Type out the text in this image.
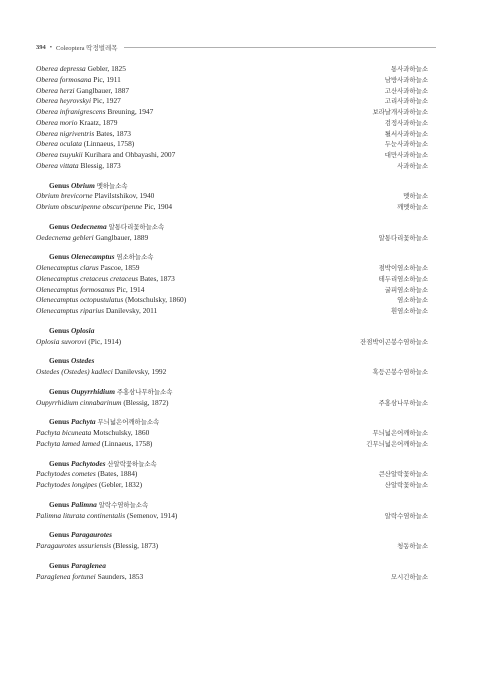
394 • Coleoptera 딱정벌레목
Oberea depressa Gebler, 1825	통사과하늘소
Oberea formosana Pic, 1911	남방사과하늘소
Oberea herzi Ganglbauer, 1887	고산사과하늘소
Oberea heyrovskyi Pic, 1927	고리사과하늘소
Oberea infranigrescens Breuning, 1947	보라날개사과하늘소
Oberea morio Kraatz, 1879	검정사과하늘소
Oberea nigriventris Bates, 1873	될서사과하늘소
Oberea oculata (Linnaeus, 1758)	두눈사과하늘소
Oberea tsuyukii Kurihara and Ohbayashi, 2007	대만사과하늘소
Oberea vittata Blessig, 1873	사과하늘소
Genus Obrium 멧하늘소속
Obrium brevicorne Plavilstshikov, 1940	멧하늘소
Obrium obscuripenne obscuripenne Pic, 1904	깨멧하늘소
Genus Oedecnema 알통다리꽃하늘소속
Oedecnema gebleri Ganglbauer, 1889	알통다리꽃하늘소
Genus Olenecamptus 염소하늘소속
Olenecamptus clarus Pascoe, 1859	점박이염소하늘소
Olenecamptus cretaceus cretaceus Bates, 1873	테두리염소하늘소
Olenecamptus formosanus Pic, 1914	굴피염소하늘소
Olenecamptus octopustulatus (Motschulsky, 1860)	염소하늘소
Olenecamptus riparius Danilevsky, 2011	흰염소하늘소
Genus Oplosia
Oplosia suvorovi (Pic, 1914)	잔점박이곤봉수염하늘소
Genus Ostedes
Ostedes (Ostedes) kadleci Danilevsky, 1992	혹등곤봉수염하늘소
Genus Oupyrrhidium 주홍삼나무하늘소속
Oupyrrhidium cinnabarinum (Blessig, 1872)	주홍삼나무하늘소
Genus Pachyta 무늬넓은어깨하늘소속
Pachyta bicuneata Motschulsky, 1860	무늬넓은어깨하늘소
Pachyta lamed lamed (Linnaeus, 1758)	긴무늬넓은어깨하늘소
Genus Pachytodes 산알락꽃하늘소속
Pachytodes cometes (Bates, 1884)	큰산알락꽃하늘소
Pachytodes longipes (Gebler, 1832)	산알락꽃하늘소
Genus Palimna 알락수염하늘소속
Palimna liturata continentalis (Semenov, 1914)	알락수염하늘소
Genus Paragaurotes
Paragaurotes ussuriensis (Blessig, 1873)	청동하늘소
Genus Paraglenea
Paraglenea fortunei Saunders, 1853	모시긴하늘소
